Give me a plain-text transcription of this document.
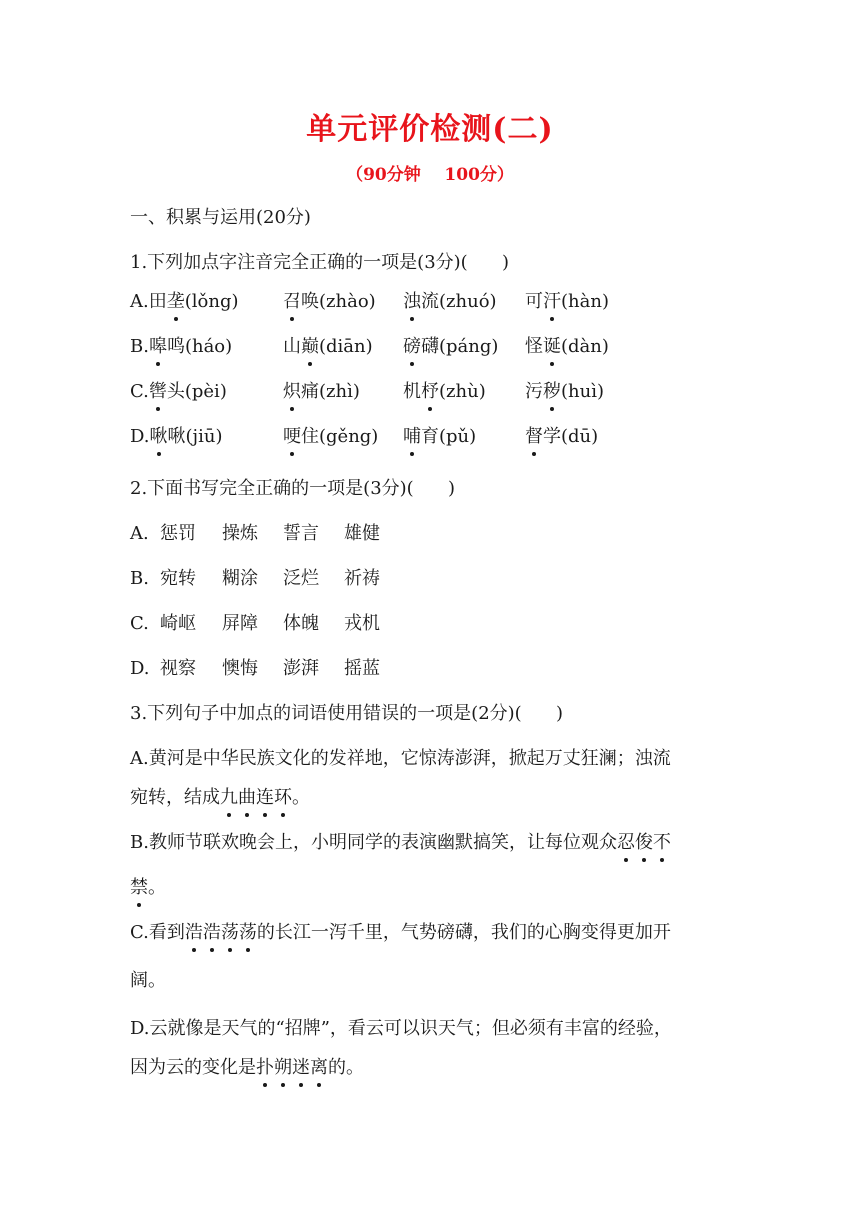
单元评价检测(二)
（90分钟    100分）
一、积累与运用(20分)
1.下列加点字注音完全正确的一项是(3分)(      )
A.田垄(lǒng) 召唤(zhào) 浊流(zhuó) 可汗(hàn)
B.嗥鸣(háo)	山巅(diān) 磅礴(páng) 怪诞(dàn)
C.辔头(pèi)	炽痛(zhì) 机杼(zhù) 污秽(huì)
D.啾啾(jiū)	哽住(gěng) 哺育(pǔ)	督学(dū)
2.下面书写完全正确的一项是(3分)(      )
A. 惩罚 操炼 誓言 雄健
B. 宛转 糊涂 泛烂 祈祷
C. 崎岖 屏障 体魄 戎机
D. 视察 懊悔 澎湃 摇蓝
3.下列句子中加点的词语使用错误的一项是(2分)(      )
A.黄河是中华民族文化的发祥地，它惊涛澎湃，掀起万丈狂澜；浊流
宛转，结成九曲连环。
B.教师节联欢晚会上，小明同学的表演幽默搞笑，让每位观众忍俊不
禁。
C.看到浩浩荡荡的长江一泻千里，气势磅礴，我们的心胸变得更加开
阔。
D.云就像是天气的“招牌”，看云可以识天气；但必须有丰富的经验，
因为云的变化是扑朔迷离的。
